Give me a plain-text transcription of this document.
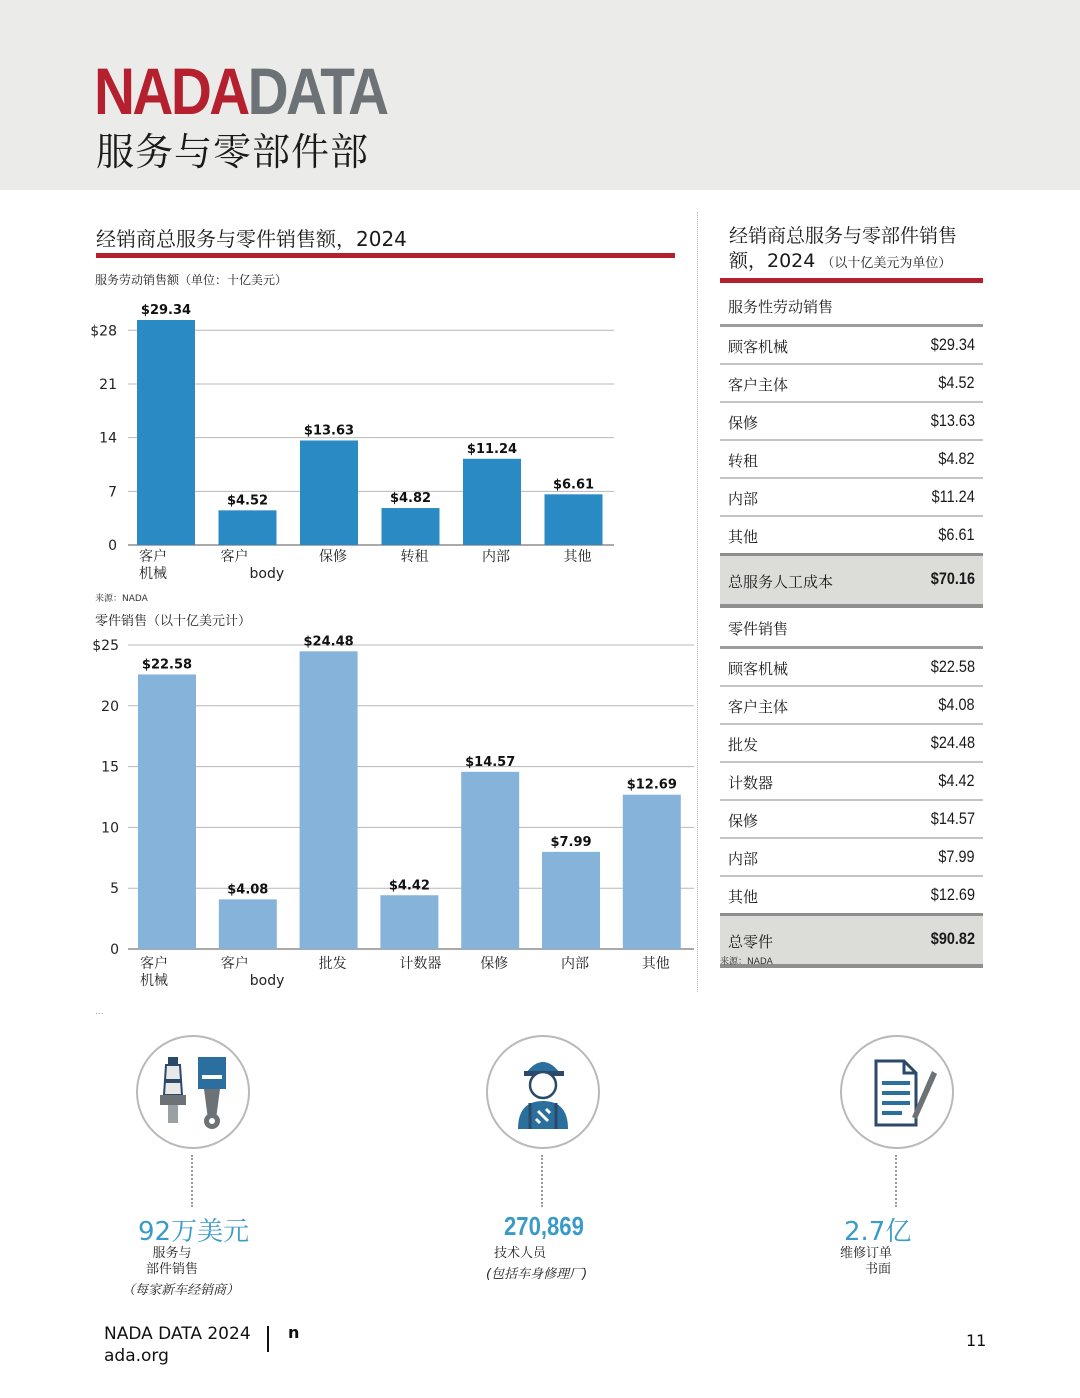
NADADATA
服务与零部件部
经销商总服务与零件销售额，2024
服务劳动销售额（单位：十亿美元）
0
7
14
21
$28
$29.34
客户
机械
$4.52
客户
body
$13.63
保修
$4.82
转租
$11.24
内部
$6.61
其他
来源：NADA
零件销售（以十亿美元计）
0
5
10
15
20
$25
$22.58
客户
机械
$4.08
客户
body
$24.48
批发
$4.42
计数器
$14.57
保修
$7.99
内部
$12.69
其他
...
经销商总服务与零部件销售额，2024 （以十亿美元为单位）
服务性劳动销售
顾客机械	$29.34
客户主体	$4.52
保修	$13.63
转租	$4.82
内部	$11.24
其他	$6.61
总服务人工成本	$70.16
零件销售
顾客机械	$22.58
客户主体	$4.08
批发	$24.48
计数器	$4.42
保修	$14.57
内部	$7.99
其他	$12.69
总零件	$90.82
来源：NADA
92万美元
服务与
部件销售
（每家新车经销商）
270,869
技术人员
(包括车身修理厂)
2.7亿
维修订单
书面
NADA DATA 2024
ada.org
n	11
